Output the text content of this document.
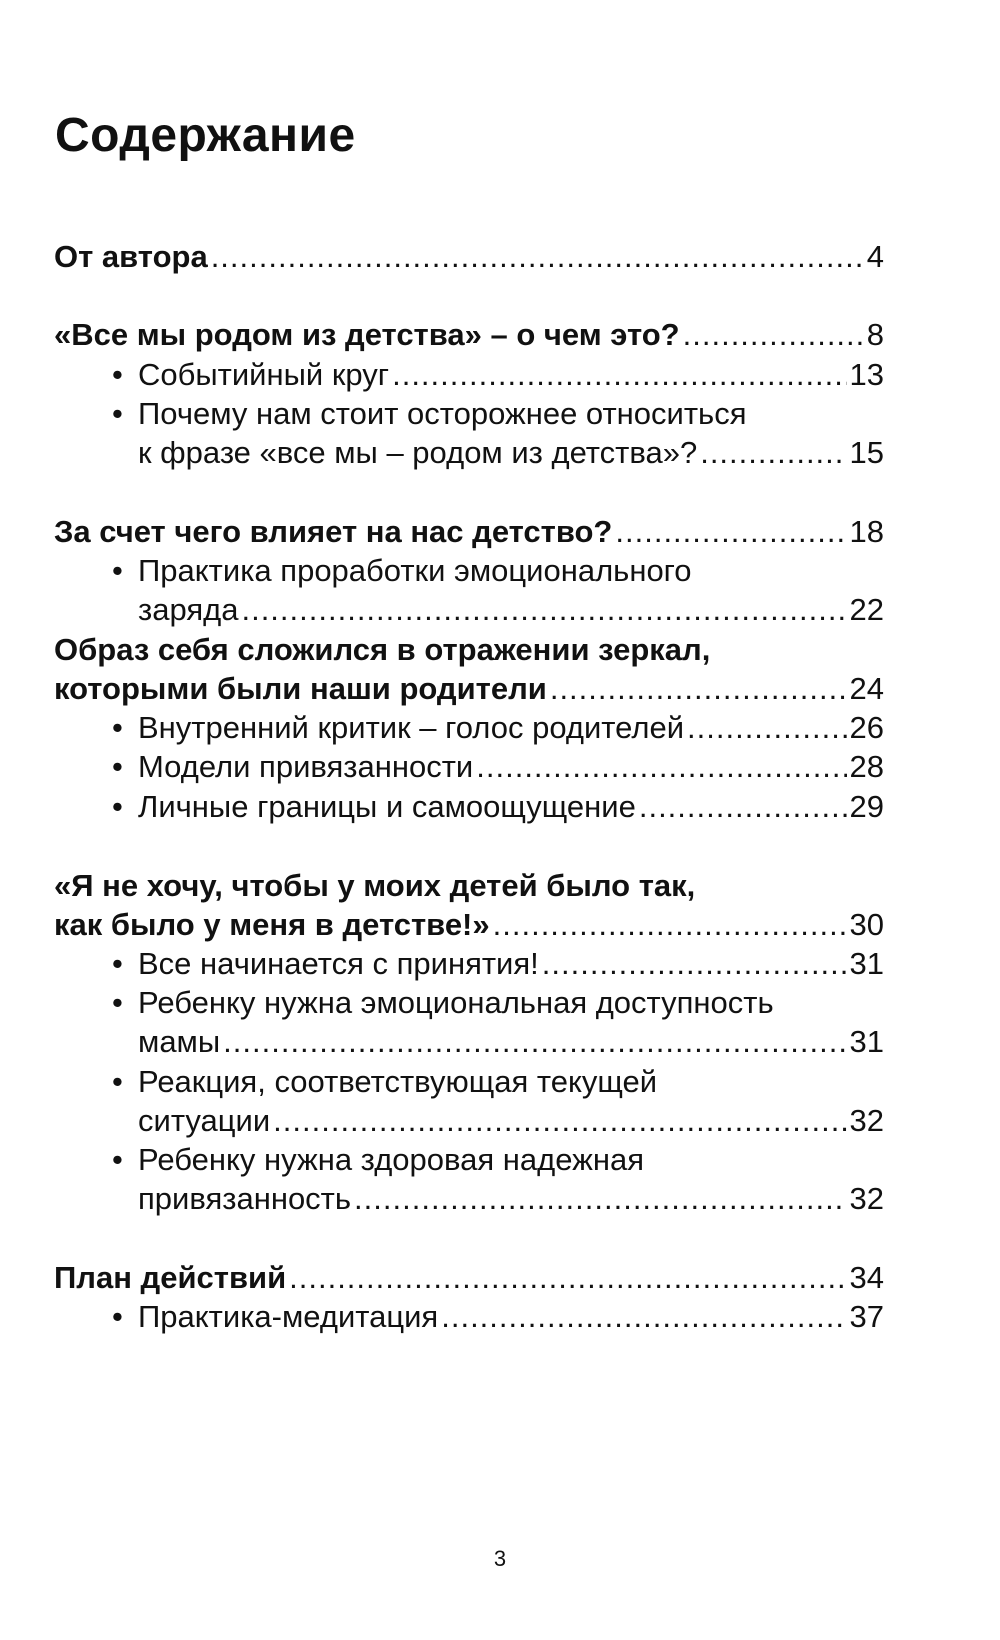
Содержание
От автора .....	4
«Все мы родом из детства» – о чем это? .....	8
• Событийный круг .....	13
• Почему нам стоит осторожнее относиться
к фразе «все мы – родом из детства»? .....	15
За счет чего влияет на нас детство? .....	18
• Практика проработки эмоционального
заряда .....	22
Образ себя сложился в отражении зеркал,
которыми были наши родители .....	24
• Внутренний критик – голос родителей .....	26
• Модели привязанности .....	28
• Личные границы и самоощущение .....	29
«Я не хочу, чтобы у моих детей было так,
как было у меня в детстве!» .....	30
• Все начинается с принятия! .....	31
• Ребенку нужна эмоциональная доступность
мамы .....	31
• Реакция, соответствующая текущей
ситуации .....	32
• Ребенку нужна здоровая надежная
привязанность .....	32
План действий .....	34
• Практика-медитация .....	37
3
